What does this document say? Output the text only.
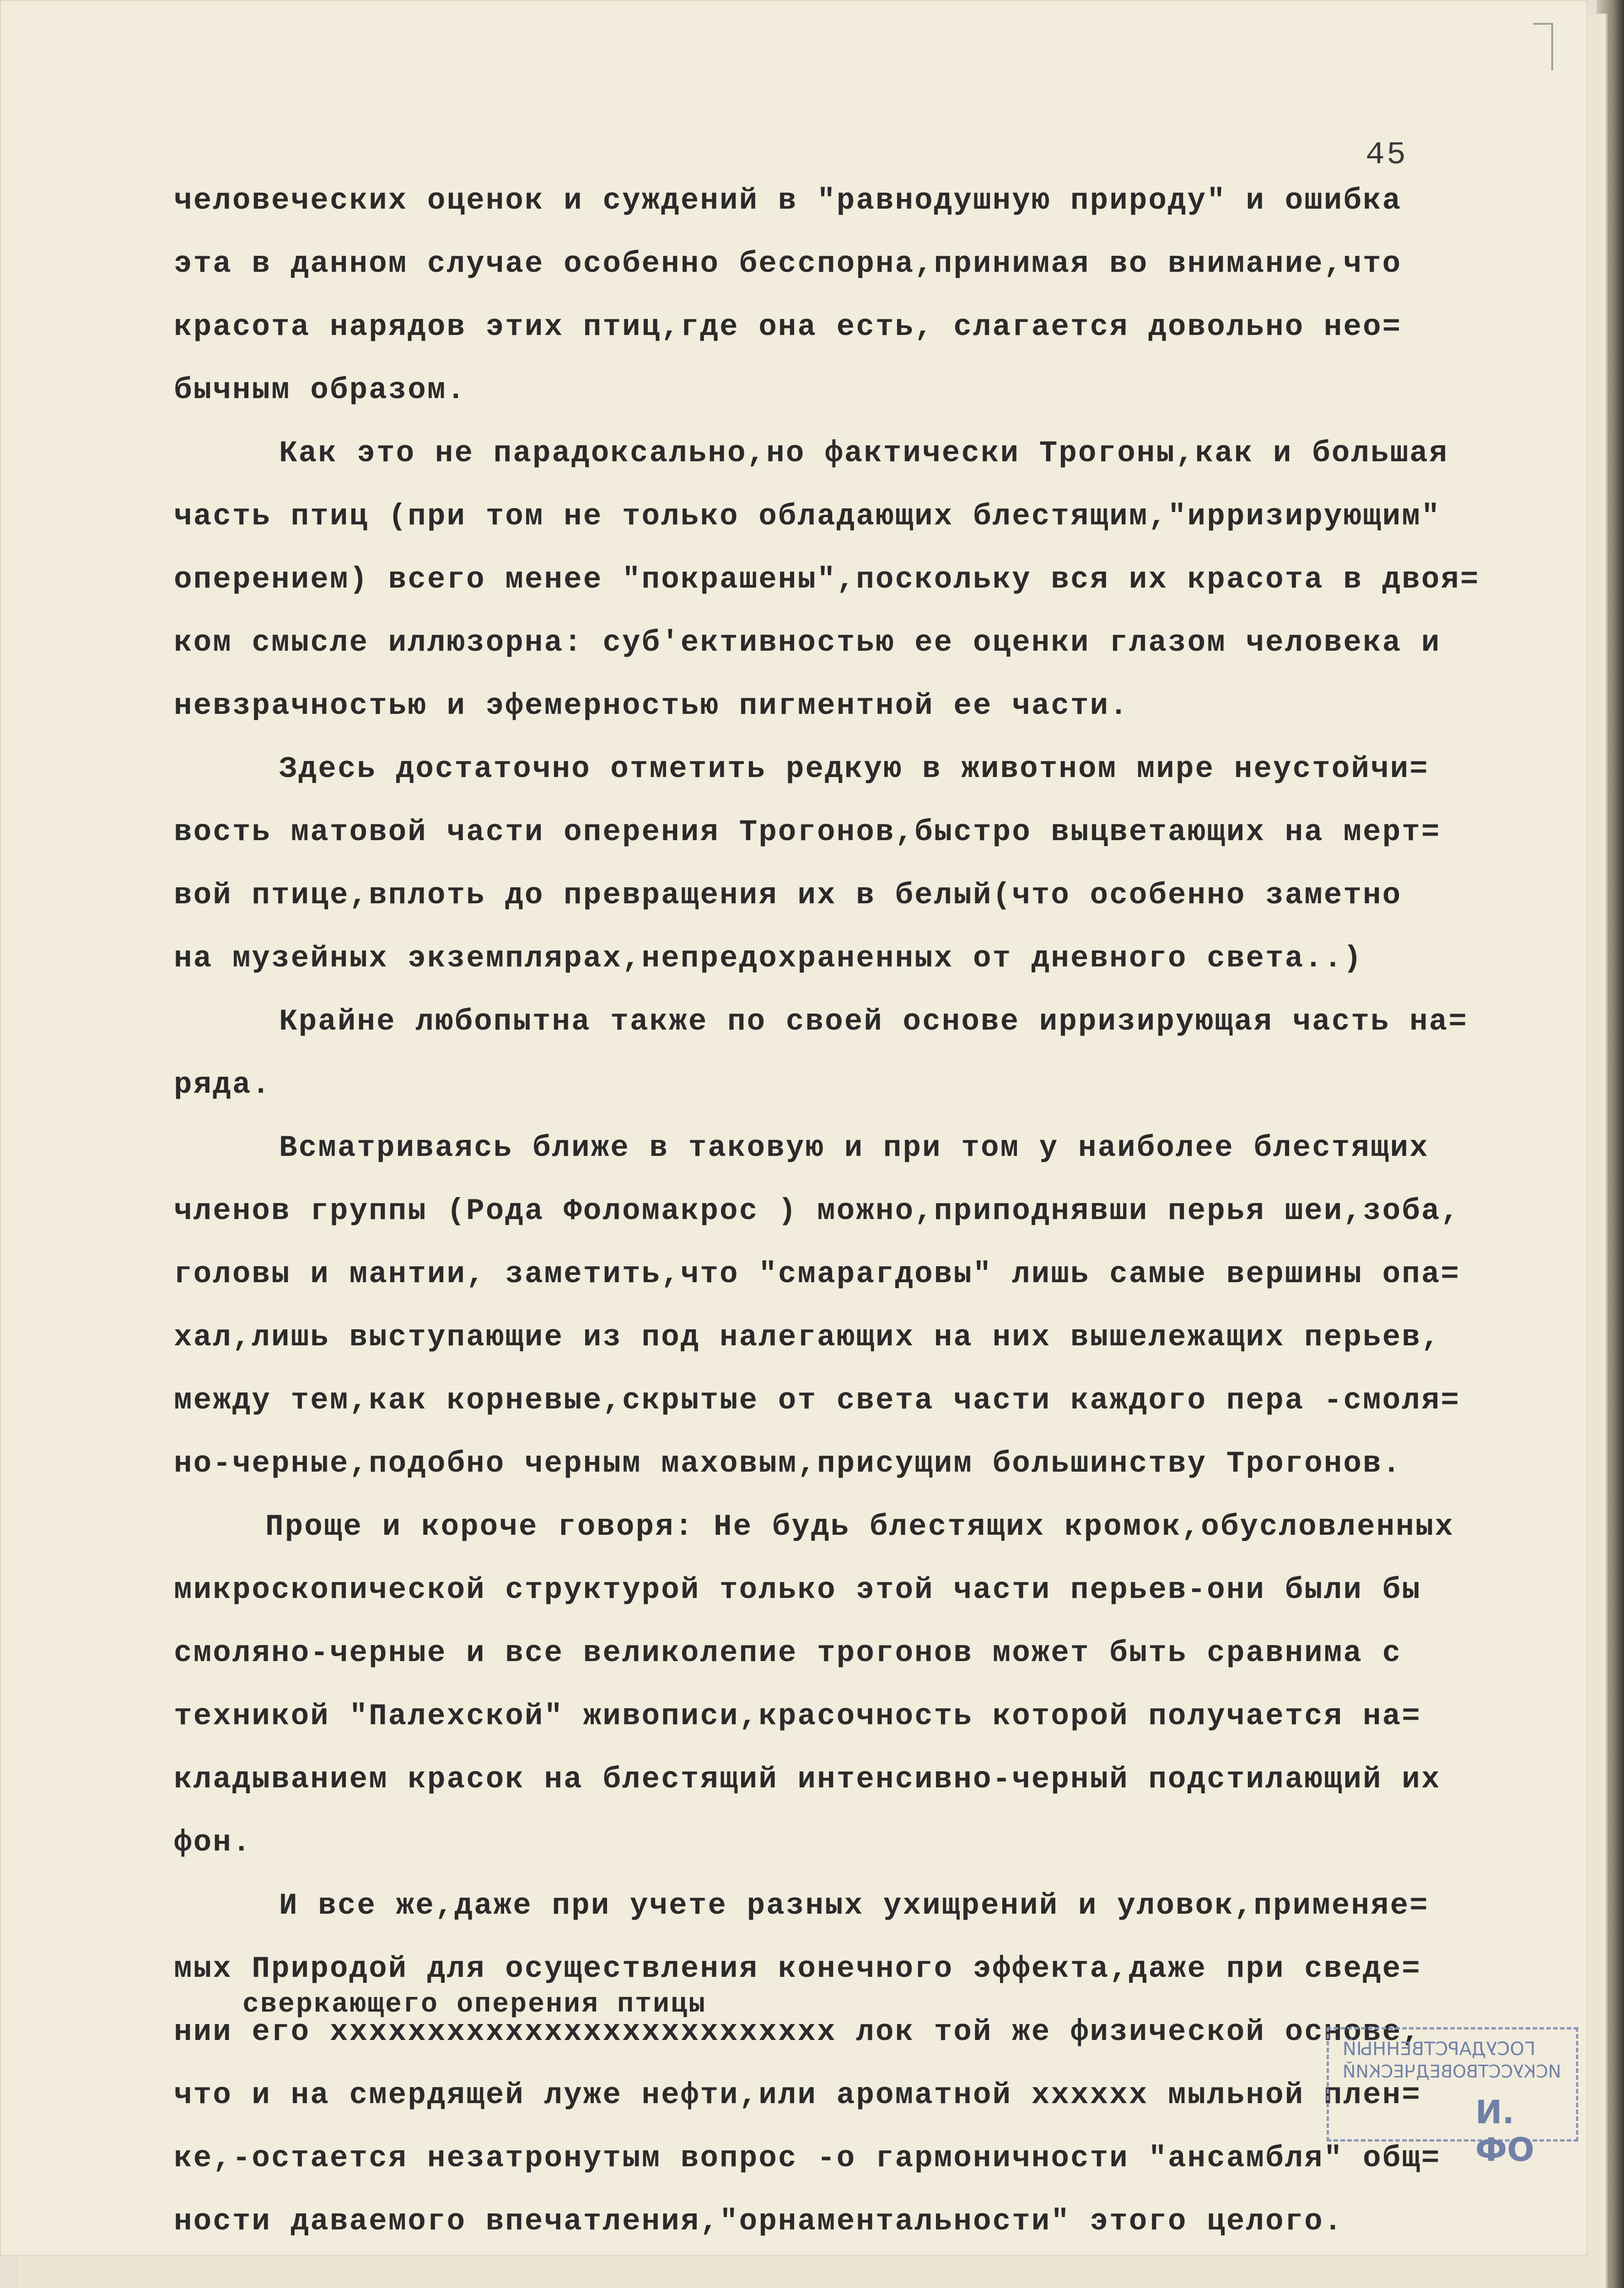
45
человеческих оценок и суждений в "равнодушную природу" и ошибка
эта в данном случае особенно бесспорна,принимая во внимание,что
красота нарядов этих птиц,где она есть, слагается довольно нео=
бычным образом.
Как это не парадоксально,но фактически Трогоны,как и большая
часть птиц (при том не только обладающих блестящим,"ирризирующим"
оперением) всего менее "покрашены",поскольку вся их красота в двоя=
ком смысле иллюзорна: суб'ективностью ее оценки глазом человека и
невзрачностью и эфемерностью пигментной ее части.
Здесь достаточно отметить редкую в животном мире неустойчи=
вость матовой части оперения Трогонов,быстро выцветающих на мерт=
вой птице,вплоть до превращения их в белый(что особенно заметно
на музейных экземплярах,непредохраненных от дневного света..)
Крайне любопытна также по своей основе ирризирующая часть на=
ряда.
Всматриваясь ближе в таковую и при том у наиболее блестящих
членов группы (Рода Фоломакрос ) можно,приподнявши перья шеи,зоба,
головы и мантии, заметить,что "смарагдовы" лишь самые вершины опа=
хал,лишь выступающие из под налегающих на них вышележащих перьев,
между тем,как корневые,скрытые от света части каждого пера -смоля=
но-черные,подобно черным маховым,присущим большинству Трогонов.
Проще и короче говоря: Не будь блестящих кромок,обусловленных
микроскопической структурой только этой части перьев-они были бы
смоляно-черные и все великолепие трогонов может быть сравнима с
техникой "Палехской" живописи,красочность которой получается на=
кладыванием красок на блестящий интенсивно-черный подстилающий их
фон.
И все же,даже при учете разных ухищрений и уловок,применяе=
мых Природой для осуществления конечного эффекта,даже при сведе=
сверкающего оперения птицы
нии его xxxxxxxxxxxxxxxxxxxxxxxxxx лок той же физической основе,
что и на смердящей луже нефти,или ароматной xxxxxx мыльной плен=
ке,-остается незатронутым вопрос -о гармоничности "ансамбля" общ=
ности даваемого впечатления,"орнаментальности" этого целого.
ГОСУДАРСТВЕННЫЙ
ИСКУССТВОВЕДЧЕСКИЙ
И. ФО
